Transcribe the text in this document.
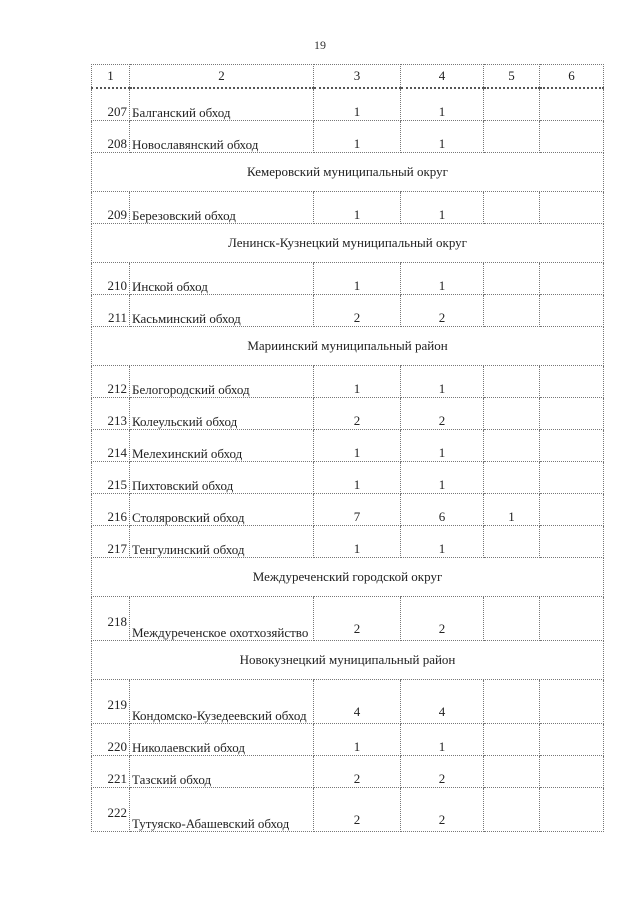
19
1	2	3	4	5	6
207	Балганский обход	1	1		
208	Новославянский обход	1	1		
Кемеровский муниципальный округ					
209	Березовский обход	1	1		
Ленинск-Кузнецкий муниципальный округ					
210	Инской обход	1	1		
211	Касьминский обход	2	2		
Мариинский муниципальный район					
212	Белогородский обход	1	1		
213	Колеульский обход	2	2		
214	Мелехинский обход	1	1		
215	Пихтовский обход	1	1		
216	Столяровский обход	7	6	1	
217	Тенгулинский обход	1	1		
Междуреченский городской округ					
218	Междуреченское охотхозяйство	2	2		
Новокузнецкий муниципальный район					
219	Кондомско-Кузедеевский обход	4	4		
220	Николаевский обход	1	1		
221	Тазский обход	2	2		
222	Тутуяско-Абашевский обход	2	2		
